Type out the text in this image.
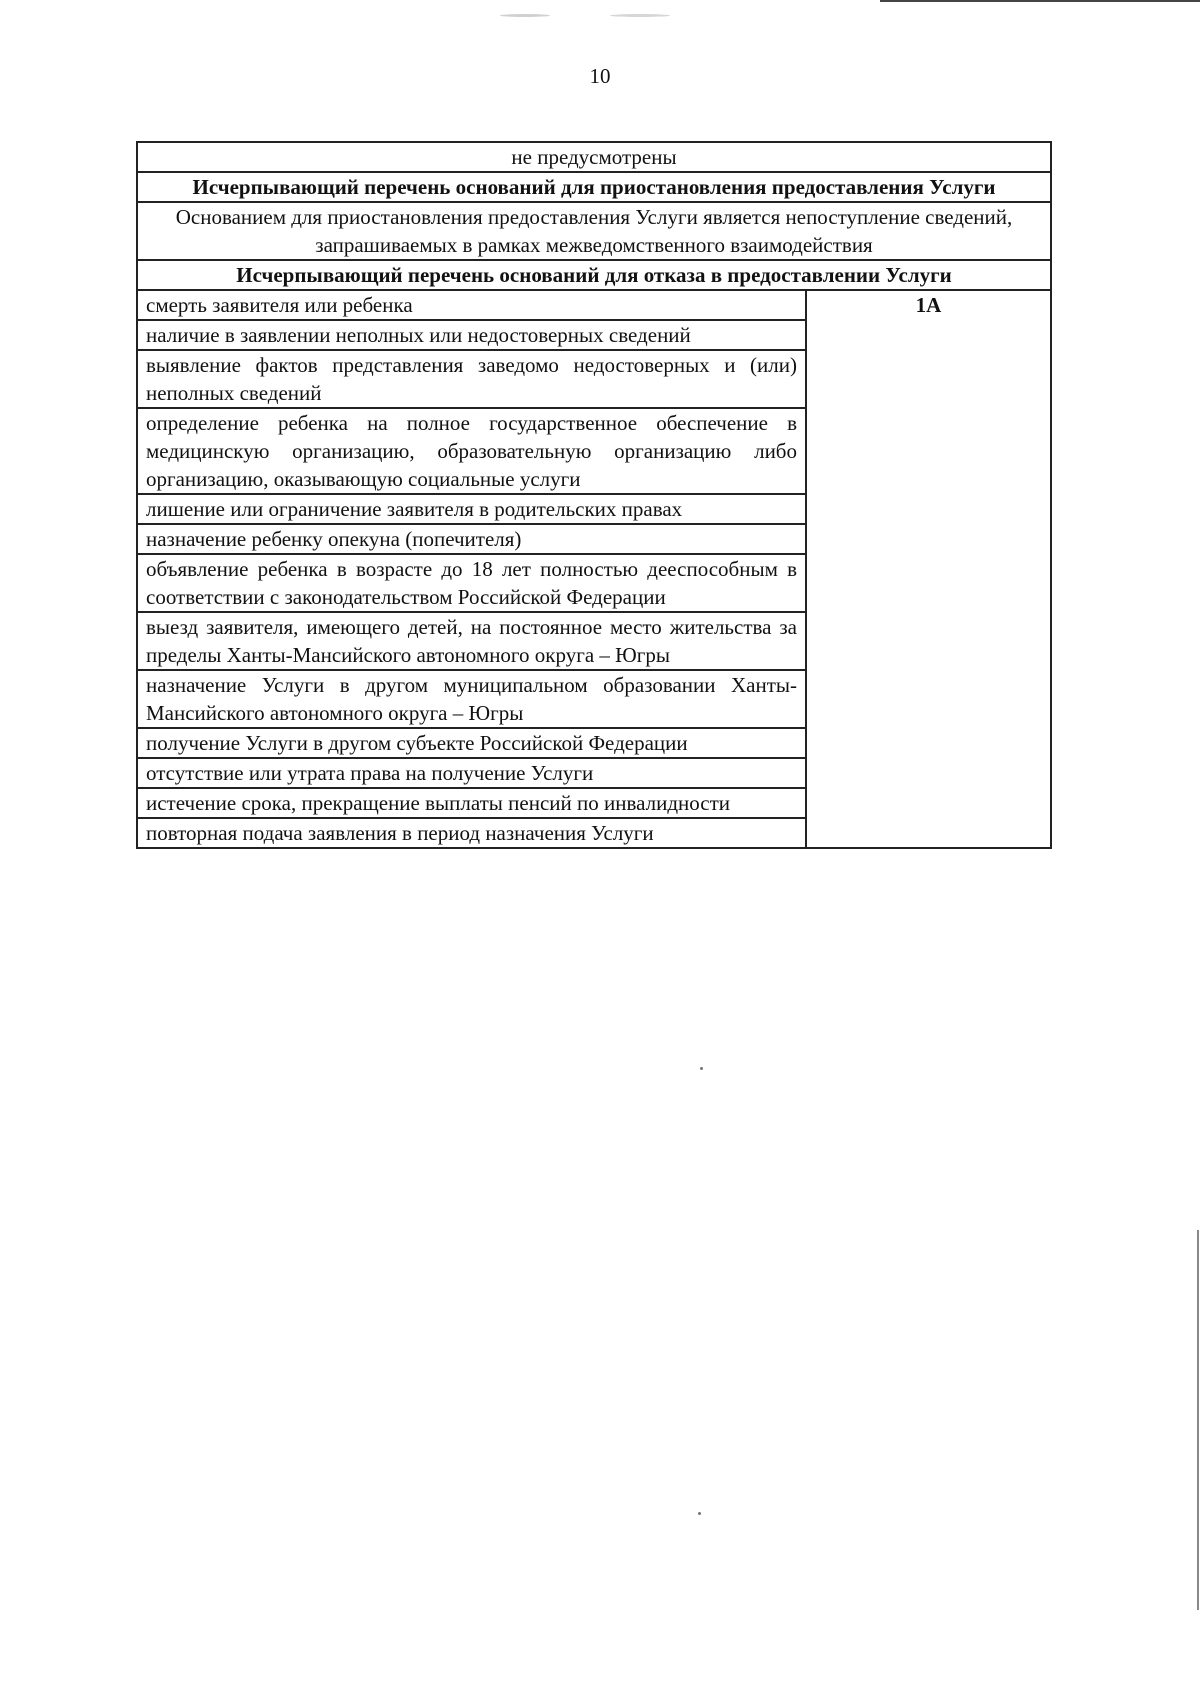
10
не предусмотрены
Исчерпывающий перечень оснований для приостановления предоставления Услуги
Основанием для приостановления предоставления Услуги является непоступление сведений, запрашиваемых в рамках межведомственного взаимодействия
Исчерпывающий перечень оснований для отказа в предоставлении Услуги
смерть заявителя или ребенка	1А
наличие в заявлении неполных или недостоверных сведений
выявление фактов представления заведомо недостоверных и (или) неполных сведений
определение ребенка на полное государственное обеспечение в медицинскую организацию, образовательную организацию либо организацию, оказывающую социальные услуги
лишение или ограничение заявителя в родительских правах
назначение ребенку опекуна (попечителя)
объявление ребенка в возрасте до 18 лет полностью дееспособным в соответствии с законодательством Российской Федерации
выезд заявителя, имеющего детей, на постоянное место жительства за пределы Ханты-Мансийского автономного округа – Югры
назначение Услуги в другом муниципальном образовании Ханты-Мансийского автономного округа – Югры
получение Услуги в другом субъекте Российской Федерации
отсутствие или утрата права на получение Услуги
истечение срока, прекращение выплаты пенсий по инвалидности
повторная подача заявления в период назначения Услуги
